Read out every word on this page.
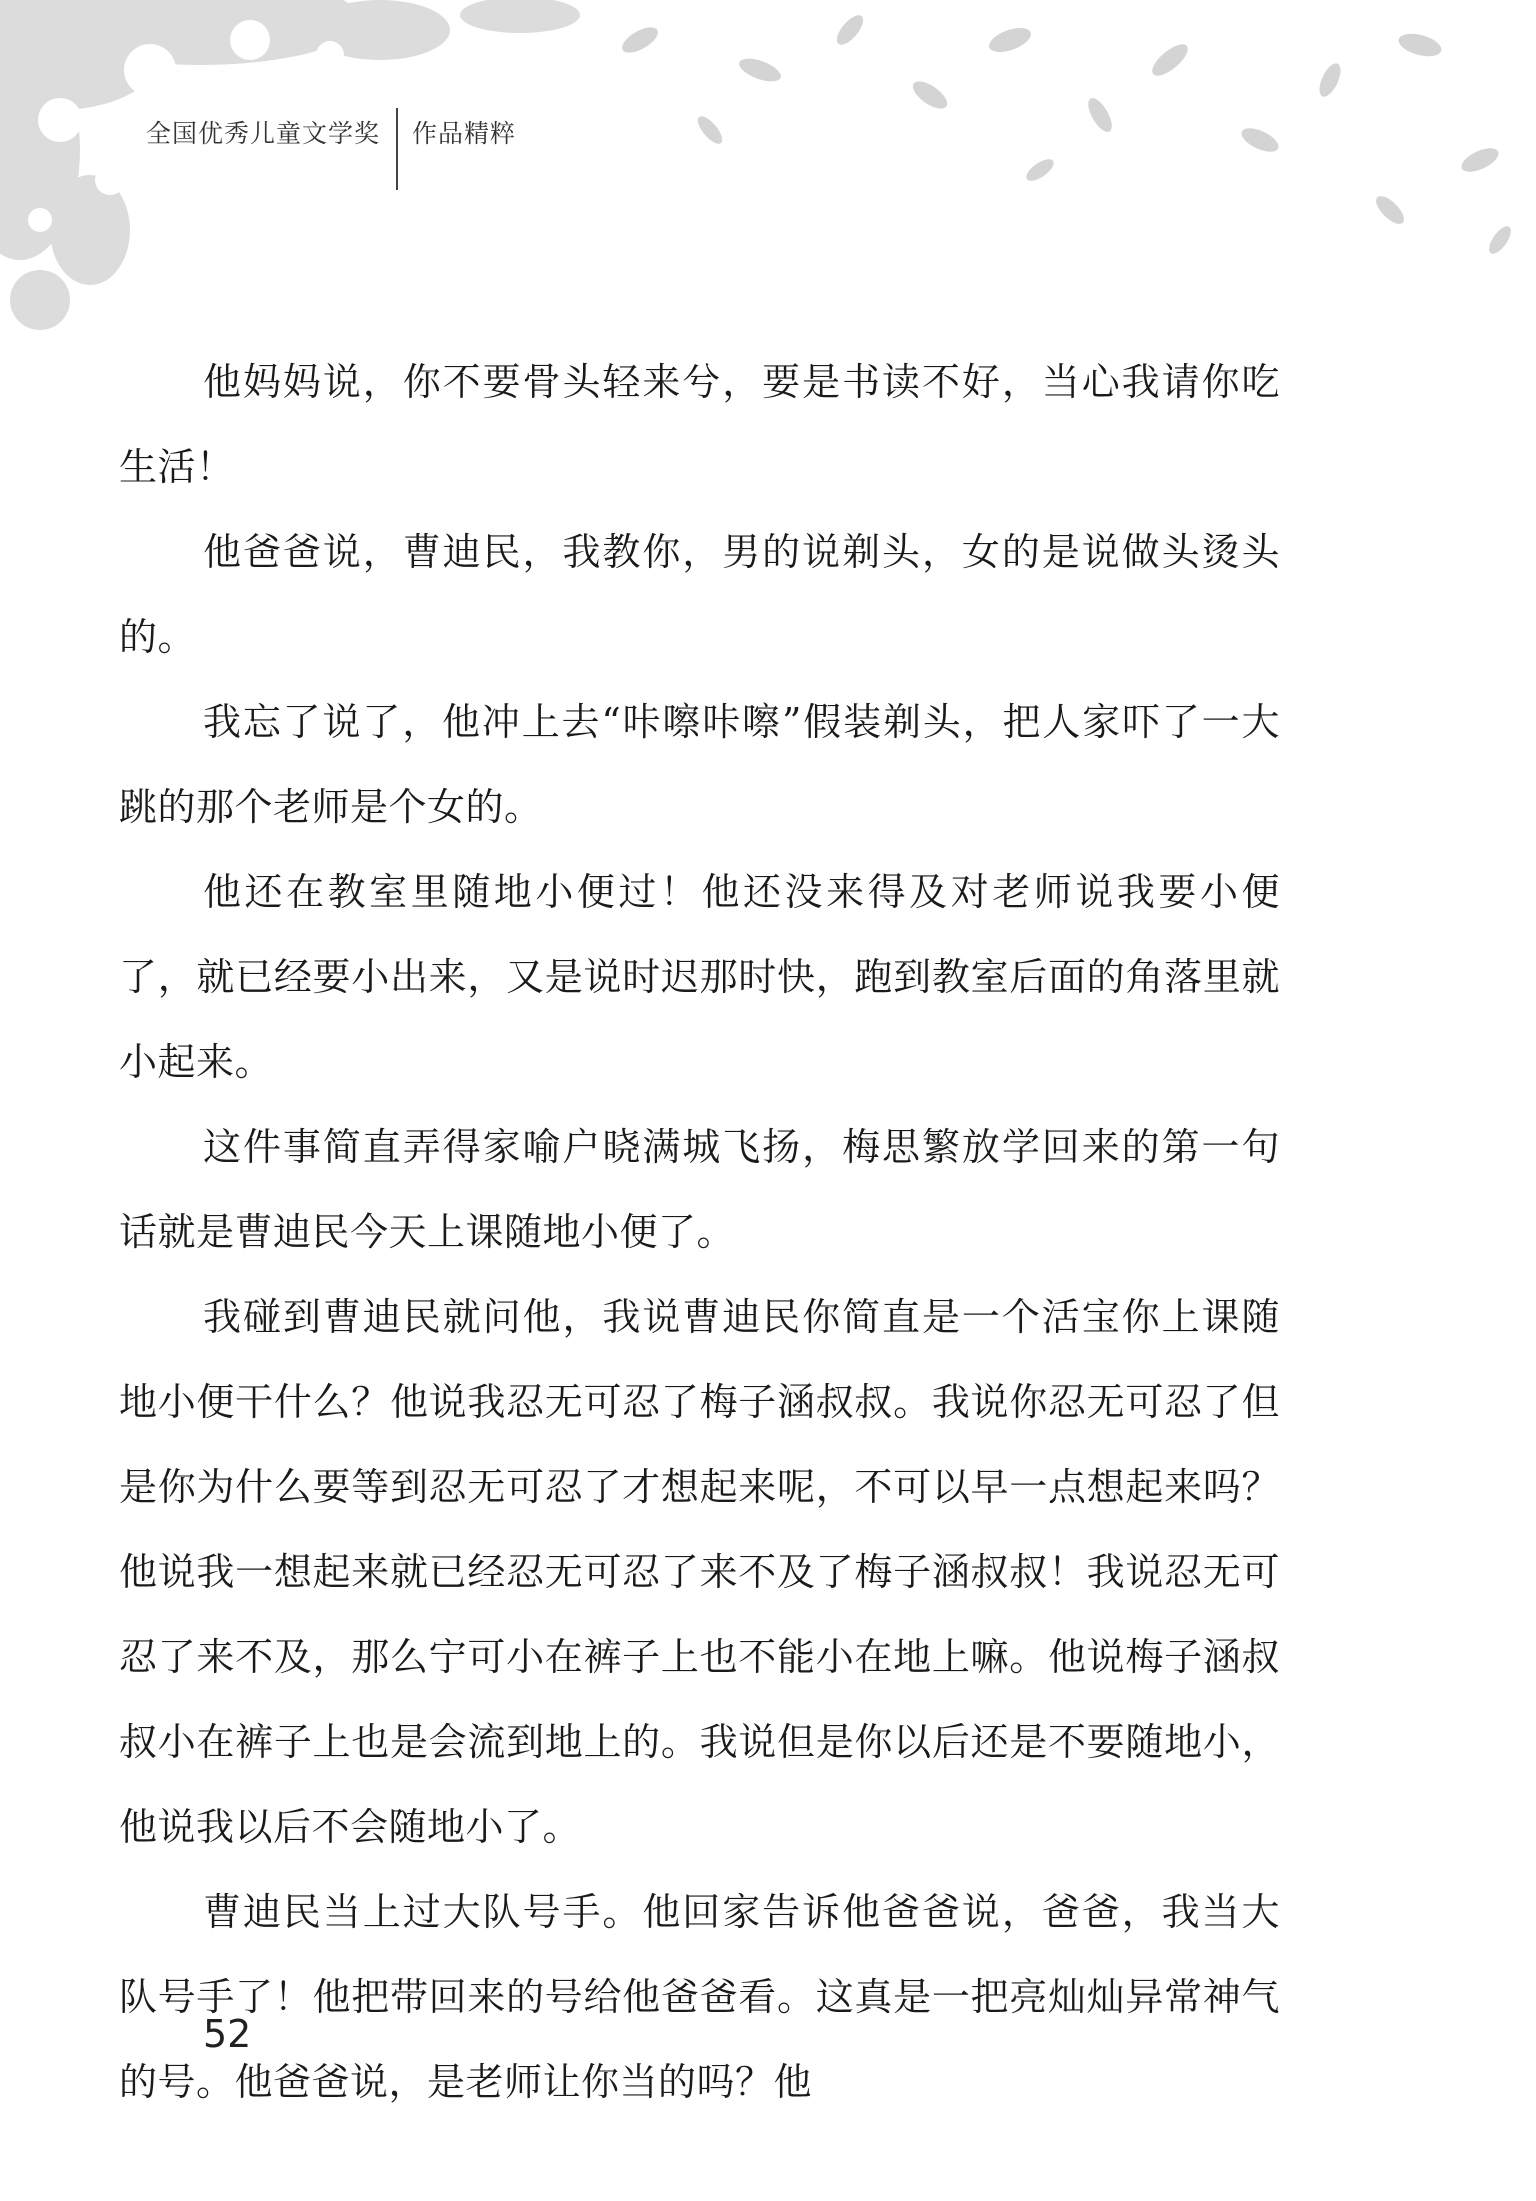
全国优秀儿童文学奖	作品精粹

他妈妈说，你不要骨头轻来兮，要是书读不好，当心我请你吃生活！

他爸爸说，曹迪民，我教你，男的说剃头，女的是说做头烫头的。

我忘了说了，他冲上去“咔嚓咔嚓”假装剃头，把人家吓了一大跳的那个老师是个女的。

他还在教室里随地小便过！他还没来得及对老师说我要小便了，就已经要小出来，又是说时迟那时快，跑到教室后面的角落里就小起来。

这件事简直弄得家喻户晓满城飞扬，梅思繁放学回来的第一句话就是曹迪民今天上课随地小便了。

我碰到曹迪民就问他，我说曹迪民你简直是一个活宝你上课随地小便干什么？他说我忍无可忍了梅子涵叔叔。我说你忍无可忍了但是你为什么要等到忍无可忍了才想起来呢，不可以早一点想起来吗？他说我一想起来就已经忍无可忍了来不及了梅子涵叔叔！我说忍无可忍了来不及，那么宁可小在裤子上也不能小在地上嘛。他说梅子涵叔叔小在裤子上也是会流到地上的。我说但是你以后还是不要随地小，他说我以后不会随地小了。

曹迪民当上过大队号手。他回家告诉他爸爸说，爸爸，我当大队号手了！他把带回来的号给他爸爸看。这真是一把亮灿灿异常神气的号。他爸爸说，是老师让你当的吗？他

52
